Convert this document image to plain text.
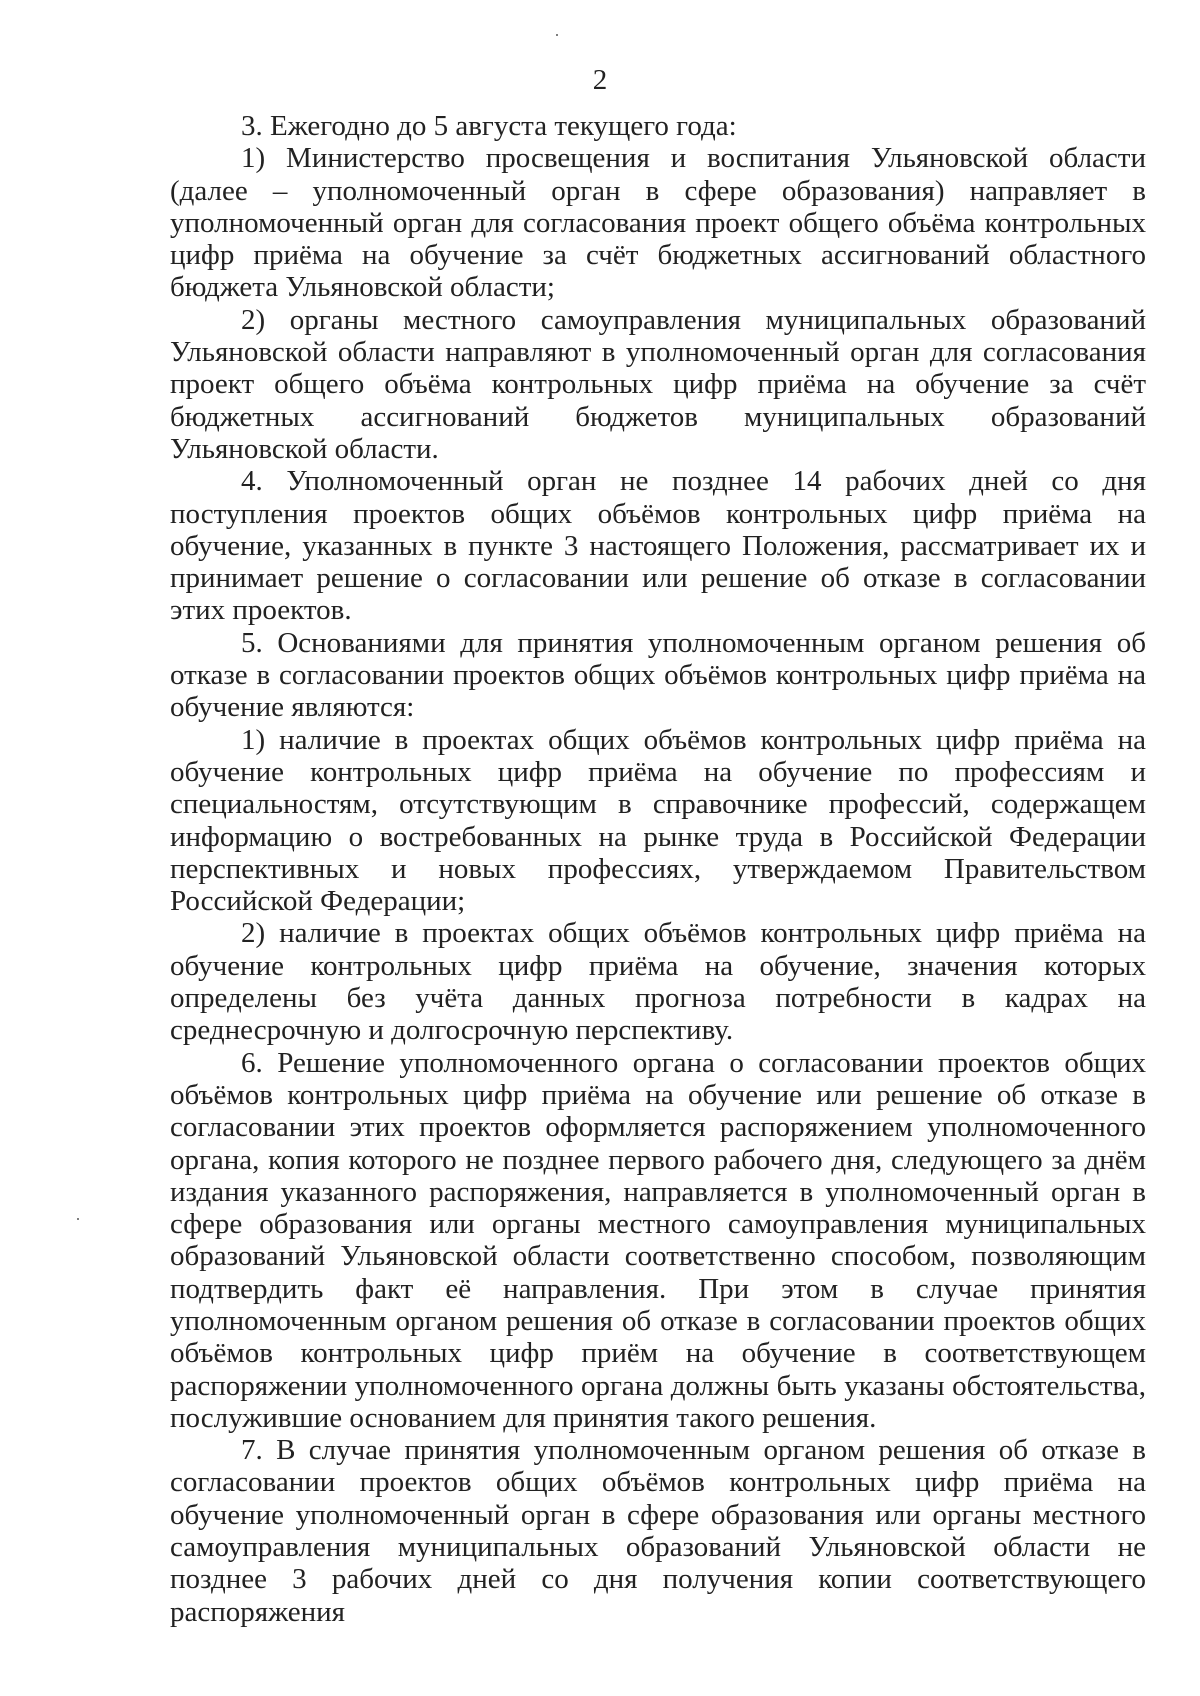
2

3. Ежегодно до 5 августа текущего года:

1) Министерство просвещения и воспитания Ульяновской области (далее – уполномоченный орган в сфере образования) направляет в уполномоченный орган для согласования проект общего объёма контрольных цифр приёма на обучение за счёт бюджетных ассигнований областного бюджета Ульяновской области;

2) органы местного самоуправления муниципальных образований Ульяновской области направляют в уполномоченный орган для согласования проект общего объёма контрольных цифр приёма на обучение за счёт бюджетных ассигнований бюджетов муниципальных образований Ульяновской области.

4. Уполномоченный орган не позднее 14 рабочих дней со дня поступления проектов общих объёмов контрольных цифр приёма на обучение, указанных в пункте 3 настоящего Положения, рассматривает их и принимает решение о согласовании или решение об отказе в согласовании этих проектов.

5. Основаниями для принятия уполномоченным органом решения об отказе в согласовании проектов общих объёмов контрольных цифр приёма на обучение являются:

1) наличие в проектах общих объёмов контрольных цифр приёма на обучение контрольных цифр приёма на обучение по профессиям и специальностям, отсутствующим в справочнике профессий, содержащем информацию о востребованных на рынке труда в Российской Федерации перспективных и новых профессиях, утверждаемом Правительством Российской Федерации;

2) наличие в проектах общих объёмов контрольных цифр приёма на обучение контрольных цифр приёма на обучение, значения которых определены без учёта данных прогноза потребности в кадрах на среднесрочную и долгосрочную перспективу.

6. Решение уполномоченного органа о согласовании проектов общих объёмов контрольных цифр приёма на обучение или решение об отказе в согласовании этих проектов оформляется распоряжением уполномоченного органа, копия которого не позднее первого рабочего дня, следующего за днём издания указанного распоряжения, направляется в уполномоченный орган в сфере образования или органы местного самоуправления муниципальных образований Ульяновской области соответственно способом, позволяющим подтвердить факт её направления. При этом в случае принятия уполномоченным органом решения об отказе в согласовании проектов общих объёмов контрольных цифр приём на обучение в соответствующем распоряжении уполномоченного органа должны быть указаны обстоятельства, послужившие основанием для принятия такого решения.

7. В случае принятия уполномоченным органом решения об отказе в согласовании проектов общих объёмов контрольных цифр приёма на обучение уполномоченный орган в сфере образования или органы местного самоуправления муниципальных образований Ульяновской области не позднее 3 рабочих дней со дня получения копии соответствующего распоряжения
